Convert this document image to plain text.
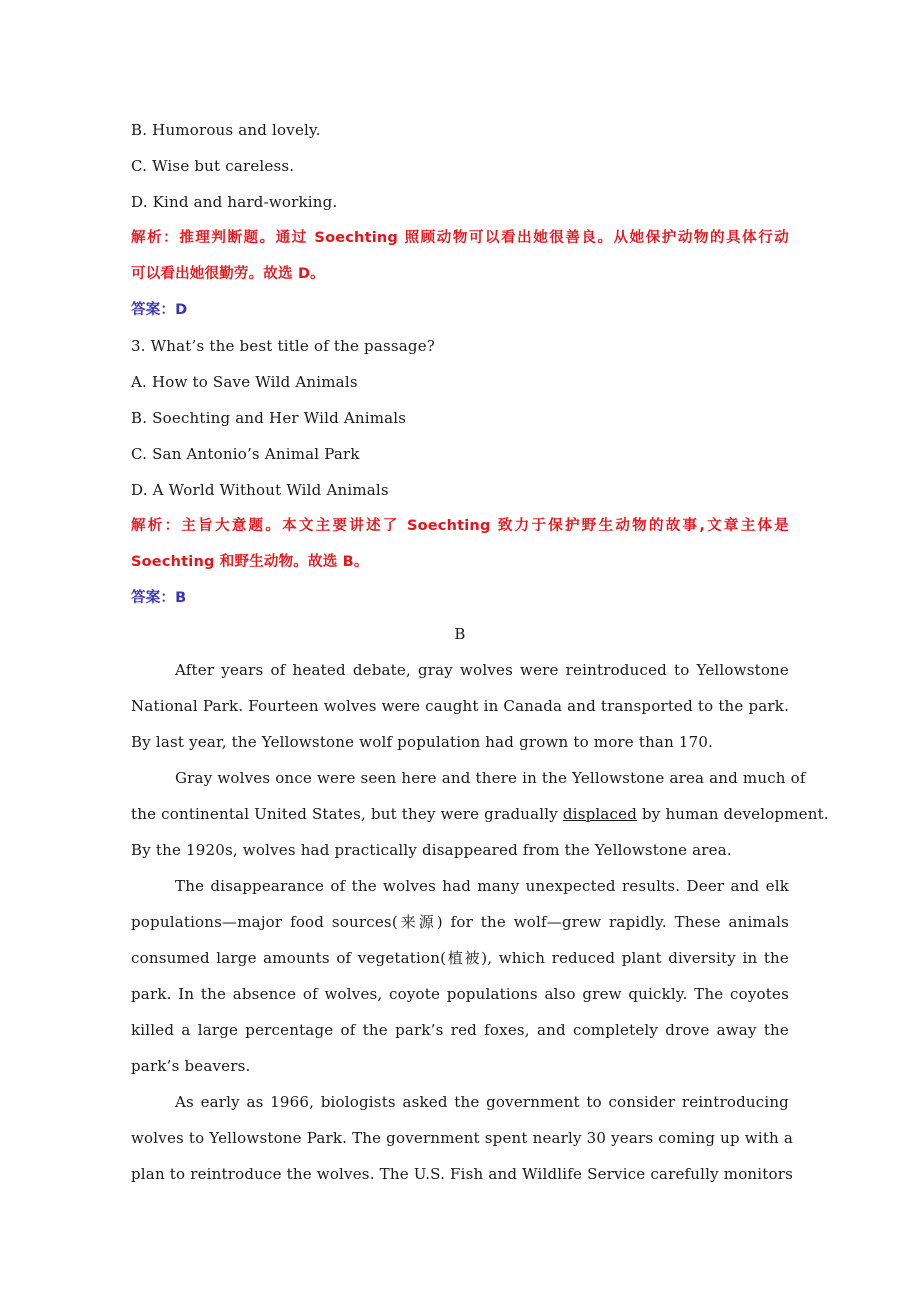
B. Humorous and lovely.
C. Wise but careless.
D. Kind and hard-working.
解析：推理判断题。通过 Soechting 照顾动物可以看出她很善良。从她保护动物的具体行动
可以看出她很勤劳。故选 D。
答案：D
3. What’s the best title of the passage?
A. How to Save Wild Animals
B. Soechting and Her Wild Animals
C. San Antonio’s Animal Park
D. A World Without Wild Animals
解析：主旨大意题。本文主要讲述了 Soechting 致力于保护野生动物的故事,文章主体是
Soechting 和野生动物。故选 B。
答案：B
B
After years of heated debate, gray wolves were reintroduced to Yellowstone
National Park. Fourteen wolves were caught in Canada and transported to the park.
By last year, the Yellowstone wolf population had grown to more than 170.
Gray wolves once were seen here and there in the Yellowstone area and much of
the continental United States, but they were gradually displaced by human development.
By the 1920s, wolves had practically disappeared from the Yellowstone area.
The disappearance of the wolves had many unexpected results. Deer and elk
populations—major food sources(来源) for the wolf—grew rapidly. These animals
consumed large amounts of vegetation(植被), which reduced plant diversity in the
park. In the absence of wolves, coyote populations also grew quickly. The coyotes
killed a large percentage of the park’s red foxes, and completely drove away the
park’s beavers.
As early as 1966, biologists asked the government to consider reintroducing
wolves to Yellowstone Park. The government spent nearly 30 years coming up with a
plan to reintroduce the wolves. The U.S. Fish and Wildlife Service carefully monitors
